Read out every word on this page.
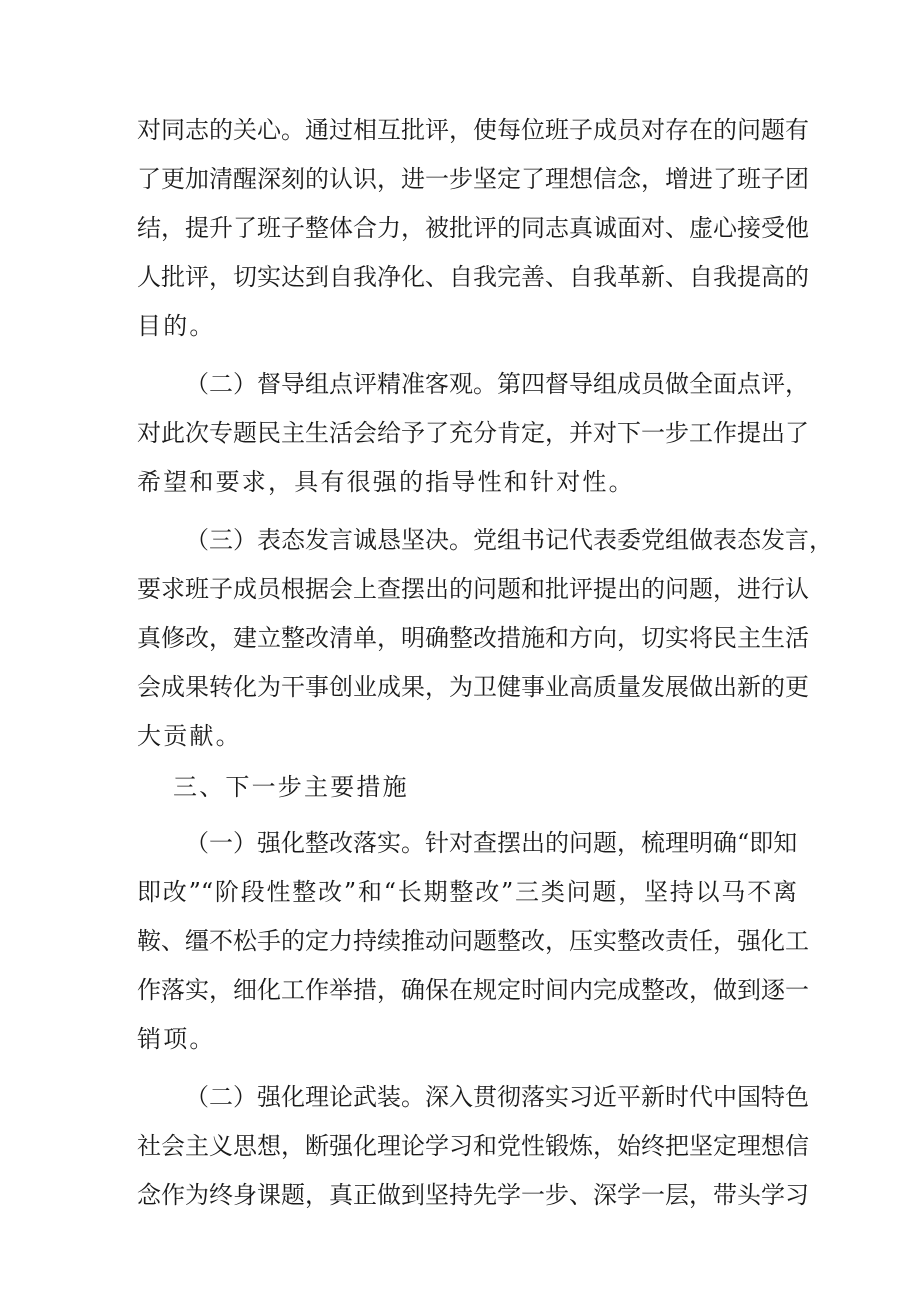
对同志的关心。通过相互批评，使每位班子成员对存在的问题有
了更加清醒深刻的认识，进一步坚定了理想信念，增进了班子团
结，提升了班子整体合力，被批评的同志真诚面对、虚心接受他
人批评，切实达到自我净化、自我完善、自我革新、自我提高的
目的。
（二）督导组点评精准客观。第四督导组成员做全面点评，
对此次专题民主生活会给予了充分肯定，并对下一步工作提出了
希望和要求，具有很强的指导性和针对性。
（三）表态发言诚恳坚决。党组书记代表委党组做表态发言，
要求班子成员根据会上查摆出的问题和批评提出的问题，进行认
真修改，建立整改清单，明确整改措施和方向，切实将民主生活
会成果转化为干事创业成果，为卫健事业高质量发展做出新的更
大贡献。
三、下一步主要措施
（一）强化整改落实。针对查摆出的问题，梳理明确“即知
即改”“阶段性整改”和“长期整改”三类问题，坚持以马不离
鞍、缰不松手的定力持续推动问题整改，压实整改责任，强化工
作落实，细化工作举措，确保在规定时间内完成整改，做到逐一
销项。
（二）强化理论武装。深入贯彻落实习近平新时代中国特色
社会主义思想，断强化理论学习和党性锻炼，始终把坚定理想信
念作为终身课题，真正做到坚持先学一步、深学一层，带头学习
